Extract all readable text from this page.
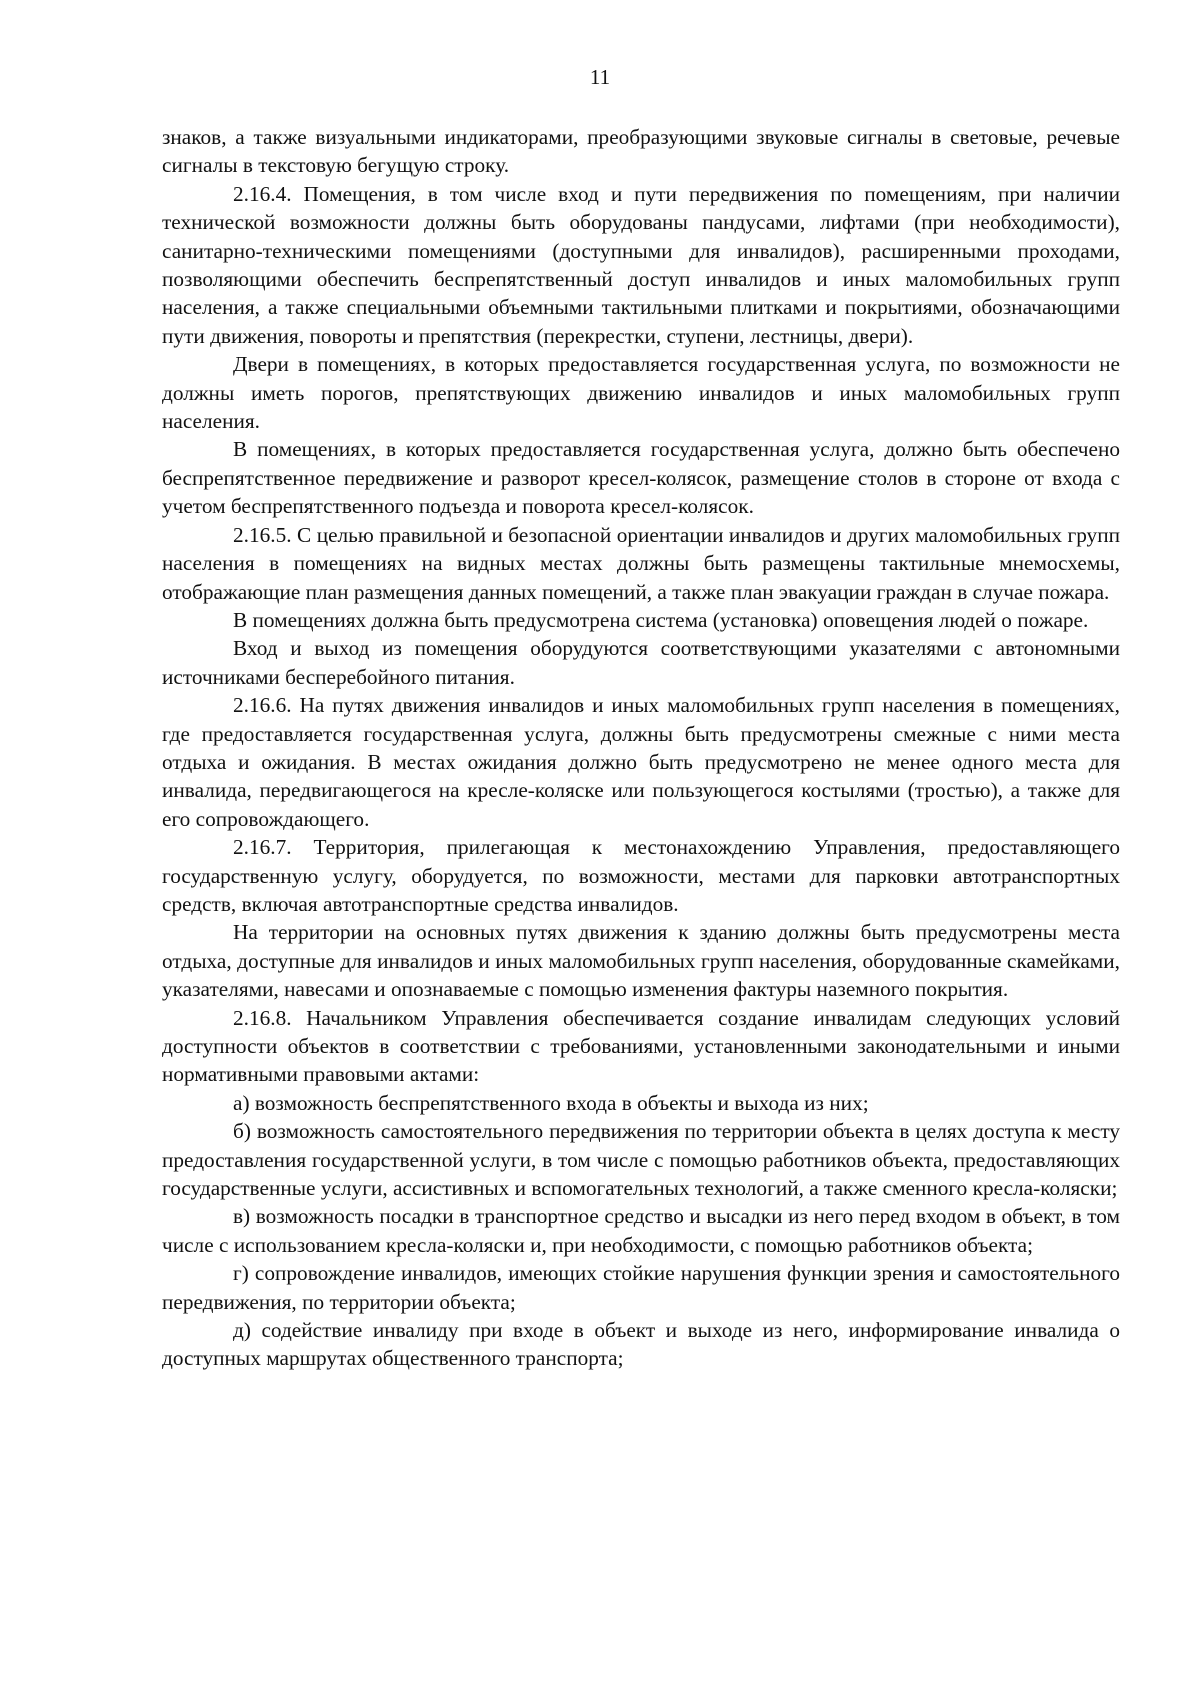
11

знаков, а также визуальными индикаторами, преобразующими звуковые сигналы в световые, речевые сигналы в текстовую бегущую строку.

2.16.4. Помещения, в том числе вход и пути передвижения по помещениям, при наличии технической возможности должны быть оборудованы пандусами, лифтами (при необходимости), санитарно-техническими помещениями (доступными для инвалидов), расширенными проходами, позволяющими обеспечить беспрепятственный доступ инвалидов и иных маломобильных групп населения, а также специальными объемными тактильными плитками и покрытиями, обозначающими пути движения, повороты и препятствия (перекрестки, ступени, лестницы, двери).

Двери в помещениях, в которых предоставляется государственная услуга, по возможности не должны иметь порогов, препятствующих движению инвалидов и иных маломобильных групп населения.

В помещениях, в которых предоставляется государственная услуга, должно быть обеспечено беспрепятственное передвижение и разворот кресел-колясок, размещение столов в стороне от входа с учетом беспрепятственного подъезда и поворота кресел-колясок.

2.16.5. С целью правильной и безопасной ориентации инвалидов и других маломобильных групп населения в помещениях на видных местах должны быть размещены тактильные мнемосхемы, отображающие план размещения данных помещений, а также план эвакуации граждан в случае пожара.

В помещениях должна быть предусмотрена система (установка) оповещения людей о пожаре.

Вход и выход из помещения оборудуются соответствующими указателями с автономными источниками бесперебойного питания.

2.16.6. На путях движения инвалидов и иных маломобильных групп населения в помещениях, где предоставляется государственная услуга, должны быть предусмотрены смежные с ними места отдыха и ожидания. В местах ожидания должно быть предусмотрено не менее одного места для инвалида, передвигающегося на кресле-коляске или пользующегося костылями (тростью), а также для его сопровождающего.

2.16.7. Территория, прилегающая к местонахождению Управления, предоставляющего государственную услугу, оборудуется, по возможности, местами для парковки автотранспортных средств, включая автотранспортные средства инвалидов.

На территории на основных путях движения к зданию должны быть предусмотрены места отдыха, доступные для инвалидов и иных маломобильных групп населения, оборудованные скамейками, указателями, навесами и опознаваемые с помощью изменения фактуры наземного покрытия.

2.16.8. Начальником Управления обеспечивается создание инвалидам следующих условий доступности объектов в соответствии с требованиями, установленными законодательными и иными нормативными правовыми актами:

а) возможность беспрепятственного входа в объекты и выхода из них;

б) возможность самостоятельного передвижения по территории объекта в целях доступа к месту предоставления государственной услуги, в том числе с помощью работников объекта, предоставляющих государственные услуги, ассистивных и вспомогательных технологий, а также сменного кресла-коляски;

в) возможность посадки в транспортное средство и высадки из него перед входом в объект, в том числе с использованием кресла-коляски и, при необходимости, с помощью работников объекта;

г) сопровождение инвалидов, имеющих стойкие нарушения функции зрения и самостоятельного передвижения, по территории объекта;

д) содействие инвалиду при входе в объект и выходе из него, информирование инвалида о доступных маршрутах общественного транспорта;
